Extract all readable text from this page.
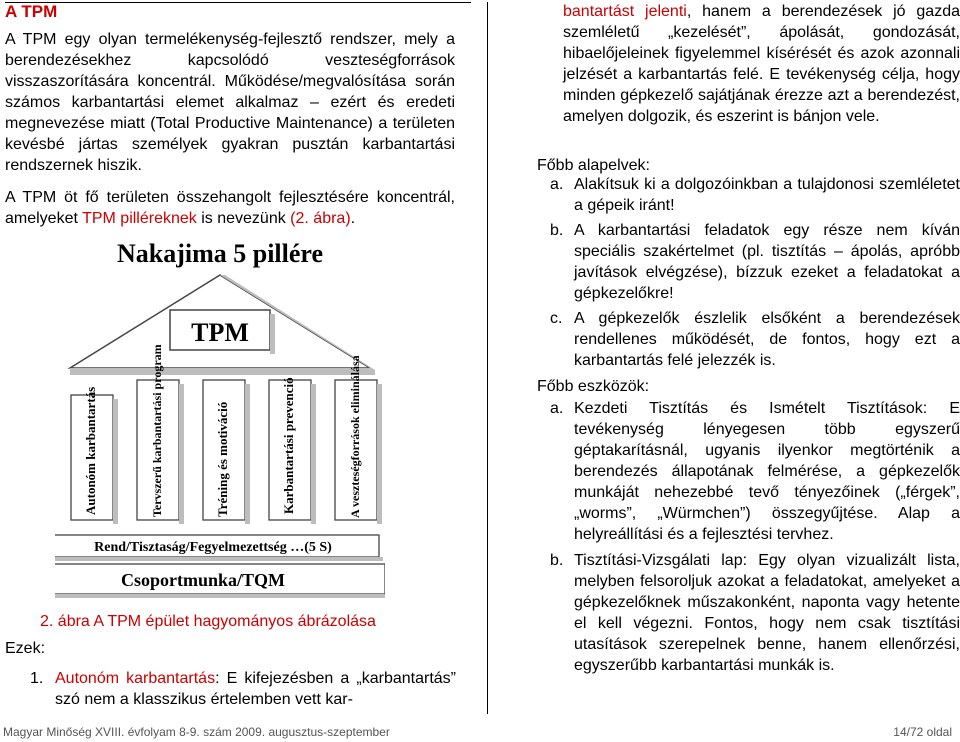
A TPM

A TPM egy olyan termelékenység-fejlesztő rendszer, mely a berendezésekhez kapcsolódó veszteségforrások visszaszorítására koncentrál. Működése/megvalósítása során számos karbantartási elemet alkalmaz – ezért és eredeti megnevezése miatt (Total Productive Maintenance) a területen kevésbé jártas személyek gyakran pusztán karbantartási rendszernek hiszik.

A TPM öt fő területen összehangolt fejlesztésére koncentrál, amelyeket TPM pilléreknek is nevezünk (2. ábra).

Nakajima 5 pillére
TPM
Autonóm karbantartás	Tervszerű karbantartási program	Tréning és motiváció	Karbantartási prevenció	A veszteségforrások eliminálása
Rend/Tisztaság/Fegyelmezettség …(5 S)
Csoportmunka/TQM
2. ábra A TPM épület hagyományos ábrázolása
Ezek:
1. Autonóm karbantartás: E kifejezésben a „karbantartás” szó nem a klasszikus értelemben vett kar-

bantartást jelenti, hanem a berendezések jó gazda szemléletű „kezelését”, ápolását, gondozását, hibaelőjeleinek figyelemmel kísérését és azok azonnali jelzését a karbantartás felé. E tevékenység célja, hogy minden gépkezelő sajátjának érezze azt a berendezést, amelyen dolgozik, és eszerint is bánjon vele.

Főbb alapelvek:
a. Alakítsuk ki a dolgozóinkban a tulajdonosi szemléletet a gépeik iránt!
b. A karbantartási feladatok egy része nem kíván speciális szakértelmet (pl. tisztítás – ápolás, apróbb javítások elvégzése), bízzuk ezeket a feladatokat a gépkezelőkre!
c. A gépkezelők észlelik elsőként a berendezések rendellenes működését, de fontos, hogy ezt a karbantartás felé jelezzék is.
Főbb eszközök:
a. Kezdeti Tisztítás és Ismételt Tisztítások: E tevékenység lényegesen több egyszerű géptakarításnál, ugyanis ilyenkor megtörténik a berendezés állapotának felmérése, a gépkezelők munkáját nehezebbé tevő tényezőinek („férgek”, „worms”, „Würmchen”) összegyűjtése. Alap a helyreállítási és a fejlesztési tervhez.
b. Tisztítási-Vizsgálati lap: Egy olyan vizualizált lista, melyben felsoroljuk azokat a feladatokat, amelyeket a gépkezelőknek műszakonként, naponta vagy hetente el kell végezni. Fontos, hogy nem csak tisztítási utasítások szerepelnek benne, hanem ellenőrzési, egyszerűbb karbantartási munkák is.
Magyar Minőség XVIII. évfolyam 8-9. szám 2009. augusztus-szeptember	14/72 oldal
